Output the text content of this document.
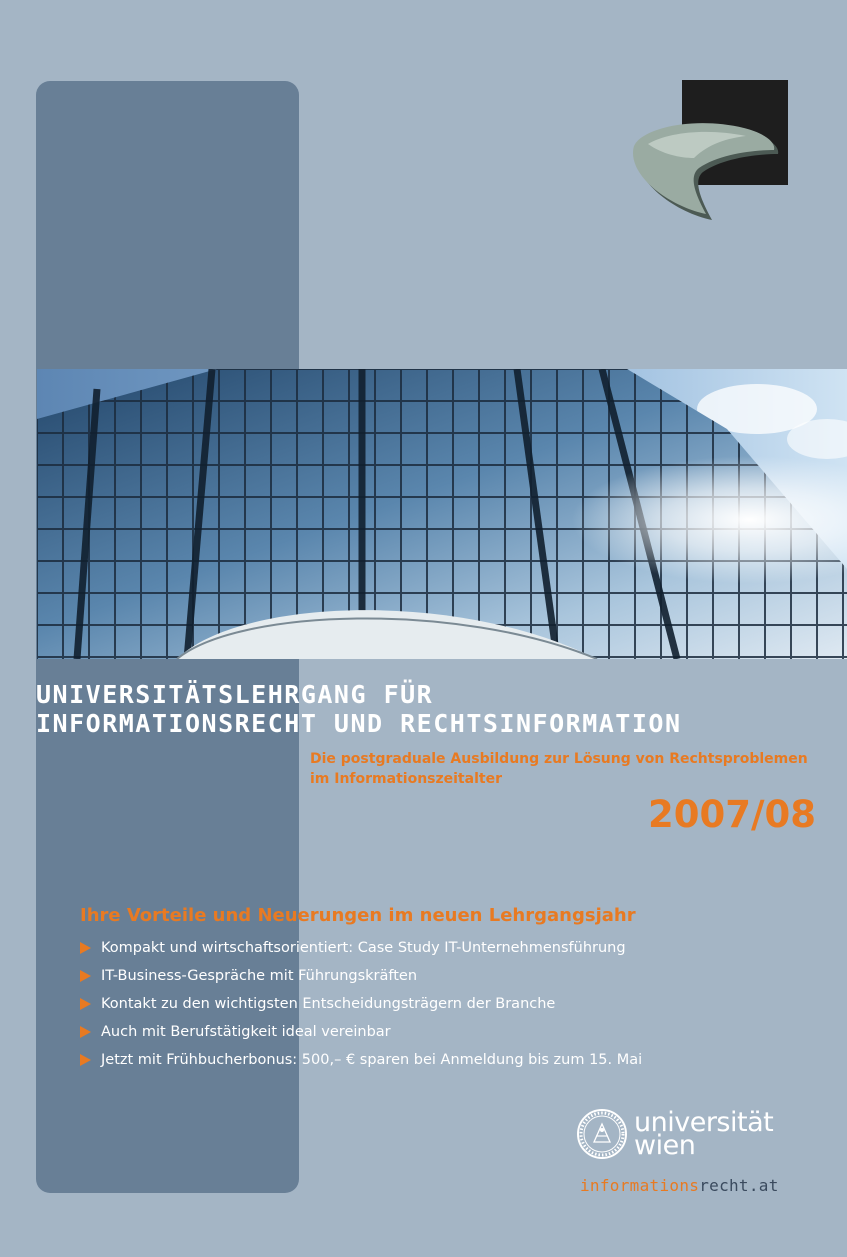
UNIVERSITÄTSLEHRGANG FÜR
INFORMATIONSRECHT UND RECHTSINFORMATION
Die postgraduale Ausbildung zur Lösung von Rechtsproblemen
im Informationszeitalter
2007/08
Ihre Vorteile und Neuerungen im neuen Lehrgangsjahr
Kompakt und wirtschaftsorientiert: Case Study IT-Unternehmensführung
IT-Business-Gespräche mit Führungskräften
Kontakt zu den wichtigsten Entscheidungsträgern der Branche
Auch mit Berufstätigkeit ideal vereinbar
Jetzt mit Frühbucherbonus: 500,– € sparen bei Anmeldung bis zum 15. Mai
universität
wien
informationsrecht.at
